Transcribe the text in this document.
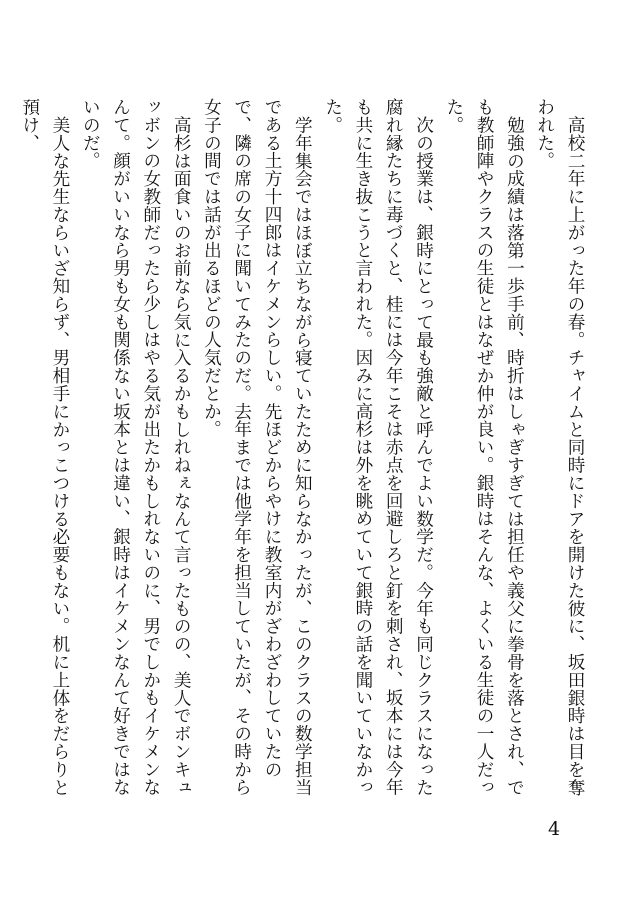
高校二年に上がった年の春。チャイムと同時にドアを開けた彼に、坂田銀時は目を奪われた。

勉強の成績は落第一歩手前、時折はしゃぎすぎては担任や義父に拳骨を落とされ、でも教師陣やクラスの生徒とはなぜか仲が良い。銀時はそんな、よくいる生徒の一人だった。

次の授業は、銀時にとって最も強敵と呼んでよい数学だ。今年も同じクラスになった腐れ縁たちに毒づくと、桂には今年こそは赤点を回避しろと釘を刺され、坂本には今年も共に生き抜こうと言われた。因みに高杉は外を眺めていて銀時の話を聞いていなかった。

学年集会ではほぼ立ちながら寝ていたために知らなかったが、このクラスの数学担当である土方十四郎はイケメンらしい。先ほどからやけに教室内がざわざわしていたので、隣の席の女子に聞いてみたのだ。去年までは他学年を担当していたが、その時から女子の間では話が出るほどの人気だとか。

高杉は面食いのお前なら気に入るかもしれねぇなんて言ったものの、美人でボンキュッボンの女教師だったら少しはやる気が出たかもしれないのに、男でしかもイケメンなんて。顔がいいなら男も女も関係ない坂本とは違い、銀時はイケメンなんて好きではないのだ。

美人な先生ならいざ知らず、男相手にかっこつける必要もない。机に上体をだらりと預け、

4
